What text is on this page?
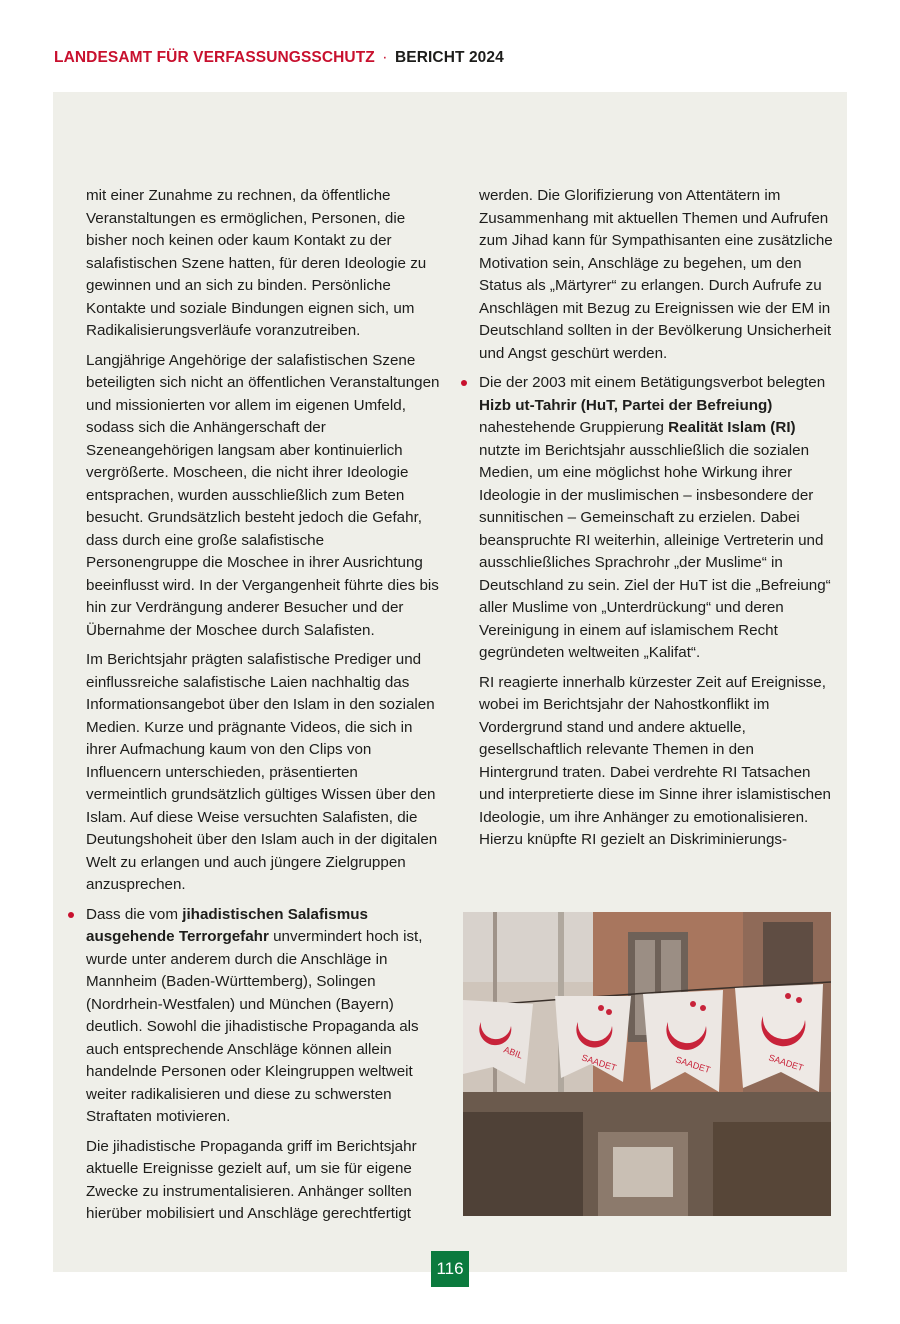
LANDESAMT FÜR VERFASSUNGSSCHUTZ · BERICHT 2024

mit einer Zunahme zu rechnen, da öffentliche Veranstaltungen es ermöglichen, Personen, die bisher noch keinen oder kaum Kontakt zu der salafistischen Szene hatten, für deren Ideologie zu gewinnen und an sich zu binden. Persönliche Kontakte und soziale Bindungen eignen sich, um Radikalisierungsverläufe voranzutreiben.

Langjährige Angehörige der salafistischen Szene beteiligten sich nicht an öffentlichen Veranstaltungen und missionierten vor allem im eigenen Umfeld, sodass sich die Anhängerschaft der Szeneangehörigen langsam aber kontinuierlich vergrößerte. Moscheen, die nicht ihrer Ideologie entsprachen, wurden ausschließlich zum Beten besucht. Grundsätzlich besteht jedoch die Gefahr, dass durch eine große salafistische Personengruppe die Moschee in ihrer Ausrichtung beeinflusst wird. In der Vergangenheit führte dies bis hin zur Verdrängung anderer Besucher und der Übernahme der Moschee durch Salafisten.

Im Berichtsjahr prägten salafistische Prediger und einflussreiche salafistische Laien nachhaltig das Informationsangebot über den Islam in den sozialen Medien. Kurze und prägnante Videos, die sich in ihrer Aufmachung kaum von den Clips von Influencern unterschieden, präsentierten vermeintlich grundsätzlich gültiges Wissen über den Islam. Auf diese Weise versuchten Salafisten, die Deutungshoheit über den Islam auch in der digitalen Welt zu erlangen und auch jüngere Zielgruppen anzusprechen.

Dass die vom jihadistischen Salafismus ausgehende Terrorgefahr unvermindert hoch ist, wurde unter anderem durch die Anschläge in Mannheim (Baden-Württemberg), Solingen (Nordrhein-Westfalen) und München (Bayern) deutlich. Sowohl die jihadistische Propaganda als auch entsprechende Anschläge können allein handelnde Personen oder Kleingruppen weltweit weiter radikalisieren und diese zu schwersten Straftaten motivieren.

Die jihadistische Propaganda griff im Berichtsjahr aktuelle Ereignisse gezielt auf, um sie für eigene Zwecke zu instrumentalisieren. Anhänger sollten hierüber mobilisiert und Anschläge gerechtfertigt

werden. Die Glorifizierung von Attentätern im Zusammenhang mit aktuellen Themen und Aufrufen zum Jihad kann für Sympathisanten eine zusätzliche Motivation sein, Anschläge zu begehen, um den Status als „Märtyrer“ zu erlangen. Durch Aufrufe zu Anschlägen mit Bezug zu Ereignissen wie der EM in Deutschland sollten in der Bevölkerung Unsicherheit und Angst geschürt werden.

Die der 2003 mit einem Betätigungsverbot belegten Hizb ut-Tahrir (HuT, Partei der Befreiung) nahestehende Gruppierung Realität Islam (RI) nutzte im Berichtsjahr ausschließlich die sozialen Medien, um eine möglichst hohe Wirkung ihrer Ideologie in der muslimischen – insbesondere der sunnitischen – Gemeinschaft zu erzielen. Dabei beanspruchte RI weiterhin, alleinige Vertreterin und ausschließliches Sprachrohr „der Muslime“ in Deutschland zu sein. Ziel der HuT ist die „Befreiung“ aller Muslime von „Unterdrückung“ und deren Vereinigung in einem auf islamischem Recht gegründeten weltweiten „Kalifat“.

RI reagierte innerhalb kürzester Zeit auf Ereignisse, wobei im Berichtsjahr der Nahostkonflikt im Vordergrund stand und andere aktuelle, gesellschaftlich relevante Themen in den Hintergrund traten. Dabei verdrehte RI Tatsachen und interpretierte diese im Sinne ihrer islamistischen Ideologie, um ihre Anhänger zu emotionalisieren. Hierzu knüpfte RI gezielt an Diskriminierungs-

ABIL	SAADET	SAADET	SAADET
116
